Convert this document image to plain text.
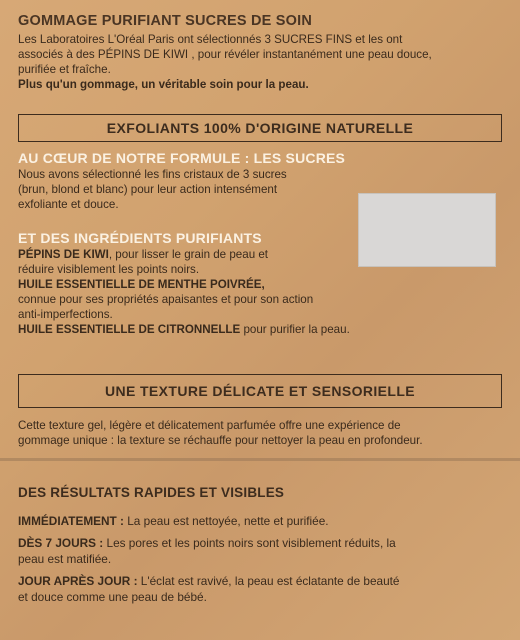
GOMMAGE PURIFIANT SUCRES DE SOIN

Les Laboratoires L'Oréal Paris ont sélectionnés 3 SUCRES FINS et les ont

associés à des PÉPINS DE KIWI , pour révéler instantanément une peau douce,

purifiée et fraîche.

Plus qu'un gommage, un véritable soin pour la peau.

EXFOLIANTS 100% D'ORIGINE NATURELLE

AU CŒUR DE NOTRE FORMULE : LES SUCRES

Nous avons sélectionné les fins cristaux de 3 sucres

(brun, blond et blanc) pour leur action intensément

exfoliante et douce.

ET DES INGRÉDIENTS PURIFIANTS

PÉPINS DE KIWI, pour lisser le grain de peau et

réduire visiblement les points noirs.

HUILE ESSENTIELLE DE MENTHE POIVRÉE,

connue pour ses propriétés apaisantes et pour son action

anti-imperfections.

HUILE ESSENTIELLE DE CITRONNELLE pour purifier la peau.

UNE TEXTURE DÉLICATE ET SENSORIELLE

Cette texture gel, légère et délicatement parfumée offre une expérience de

gommage unique : la texture se réchauffe pour nettoyer la peau en profondeur.

DES RÉSULTATS RAPIDES ET VISIBLES

IMMÉDIATEMENT : La peau est nettoyée, nette et purifiée.

DÈS 7 JOURS : Les pores et les points noirs sont visiblement réduits, la

peau est matifiée.

JOUR APRÈS JOUR : L'éclat est ravivé, la peau est éclatante de beauté

et douce comme une peau de bébé.
